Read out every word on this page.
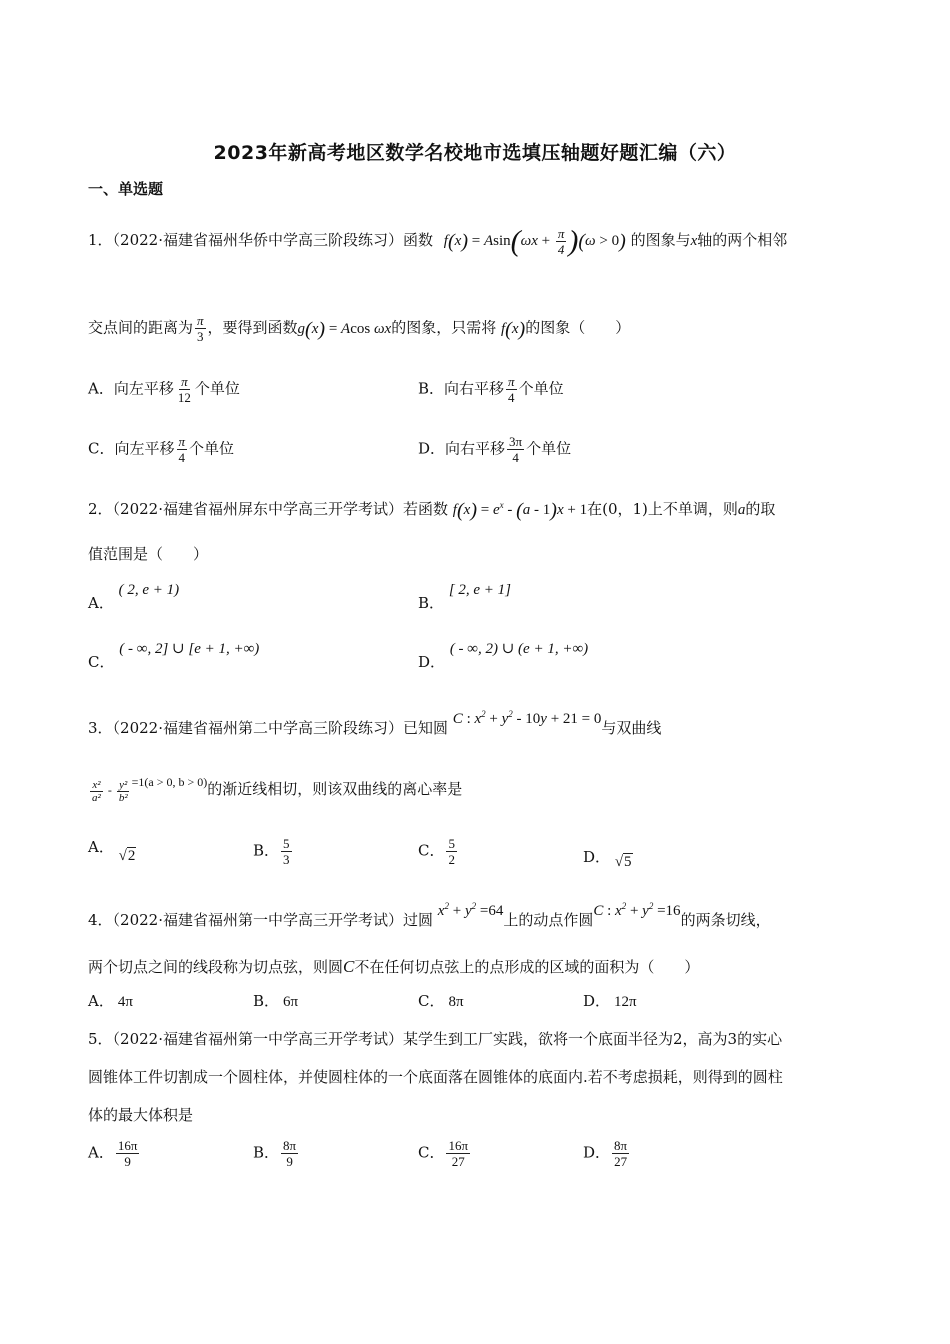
2023年新高考地区数学名校地市选填压轴题好题汇编（六）
一、单选题
1．（2022·福建省福州华侨中学高三阶段练习）函数 $f(x) = Asin(\omega x + \frac{\pi}{4} )(\omega > 0)$ 的图象与x轴的两个相邻
交点间的距离为 $\frac{\pi}{3}$ ，要得到函数g(x) = Acos ωx的图象，只需将 f(x)的图象（　　）
A．向左平移 $\frac{\pi}{12}$ 个单位	B．向右平移 $\frac{\pi}{4}$ 个单位
C．向左平移 $\frac{\pi}{4}$ 个单位	D．向右平移 $\frac{3\pi}{4}$ 个单位
2．（2022·福建省福州屏东中学高三开学考试）若函数 $f(x) = e^x - (a - 1)x + 1$在(0，1)上不单调，则a的取
值范围是（　　）
A． ( 2, e + 1)
B． [ 2, e + 1]
C． ( - ∞, 2] ∪ [e + 1, +∞)
D． ( - ∞, 2) ∪ (e + 1, +∞)
3．（2022·福建省福州第二中学高三阶段练习）已知圆 C : $x^2 + y^2 - 10y + 21 = 0$与双曲线
$\frac{\text{x²}}{\text{a²}} - \frac{\text{y²}}{\text{b²}} =1(a > 0$, b > 0)的渐近线相切，则该双曲线的离心率是
A． √2	B． $\frac{5}{3}$	C． $\frac{5}{2}$	D． √5
4．（2022·福建省福州第一中学高三开学考试）过圆 $x^2 + y^2 =64$上的动点作圆C : $x^2 + y^2 =16$的两条切线，
两个切点之间的线段称为切点弦，则圆C不在任何切点弦上的点形成的区域的面积为（　　）
A． 4π	B． 6π	C． 8π	D． 12π
5．（2022·福建省福州第一中学高三开学考试）某学生到工厂实践，欲将一个底面半径为2，高为3的实心
圆锥体工件切割成一个圆柱体，并使圆柱体的一个底面落在圆锥体的底面内.若不考虑损耗，则得到的圆柱
体的最大体积是
A． $\frac{16\pi}{9}$	B． $\frac{8\pi}{9}$	C． $\frac{16\pi}{27}$	D． $\frac{8\pi}{27}$
